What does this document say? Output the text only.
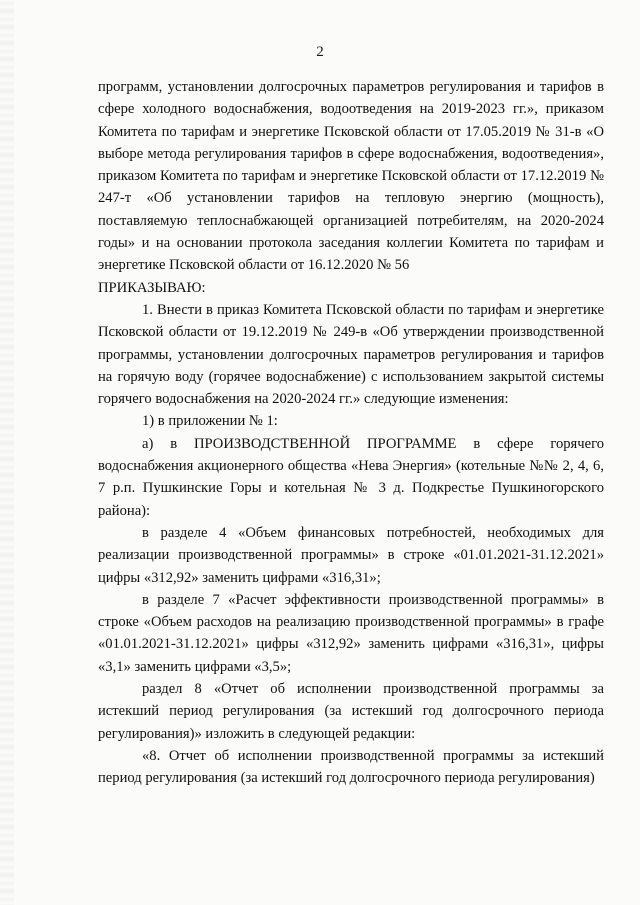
2

программ, установлении долгосрочных параметров регулирования и тарифов в сфере холодного водоснабжения, водоотведения на 2019-2023 гг.», приказом Комитета по тарифам и энергетике Псковской области от 17.05.2019 № 31-в «О выборе метода регулирования тарифов в сфере водоснабжения, водоотведения», приказом Комитета по тарифам и энергетике Псковской области от 17.12.2019 № 247-т «Об установлении тарифов на тепловую энергию (мощность), поставляемую теплоснабжающей организацией потребителям, на 2020-2024 годы» и на основании протокола заседания коллегии Комитета по тарифам и энергетике Псковской области от 16.12.2020 № 56

ПРИКАЗЫВАЮ:

1. Внести в приказ Комитета Псковской области по тарифам и энергетике Псковской области от 19.12.2019 № 249-в «Об утверждении производственной программы, установлении долгосрочных параметров регулирования и тарифов на горячую воду (горячее водоснабжение) с использованием закрытой системы горячего водоснабжения на 2020-2024 гг.» следующие изменения:

1) в приложении № 1:

а) в ПРОИЗВОДСТВЕННОЙ ПРОГРАММЕ в сфере горячего водоснабжения акционерного общества «Нева Энергия» (котельные №№ 2, 4, 6, 7 р.п. Пушкинские Горы и котельная № 3 д. Подкрестье Пушкиногорского района):

в разделе 4 «Объем финансовых потребностей, необходимых для реализации производственной программы» в строке «01.01.2021-31.12.2021» цифры «312,92» заменить цифрами «316,31»;

в разделе 7 «Расчет эффективности производственной программы» в строке «Объем расходов на реализацию производственной программы» в графе «01.01.2021-31.12.2021» цифры «312,92» заменить цифрами «316,31», цифры «3,1» заменить цифрами «3,5»;

раздел 8 «Отчет об исполнении производственной программы за истекший период регулирования (за истекший год долгосрочного периода регулирования)» изложить в следующей редакции:

«8. Отчет об исполнении производственной программы за истекший период регулирования (за истекший год долгосрочного периода регулирования)
